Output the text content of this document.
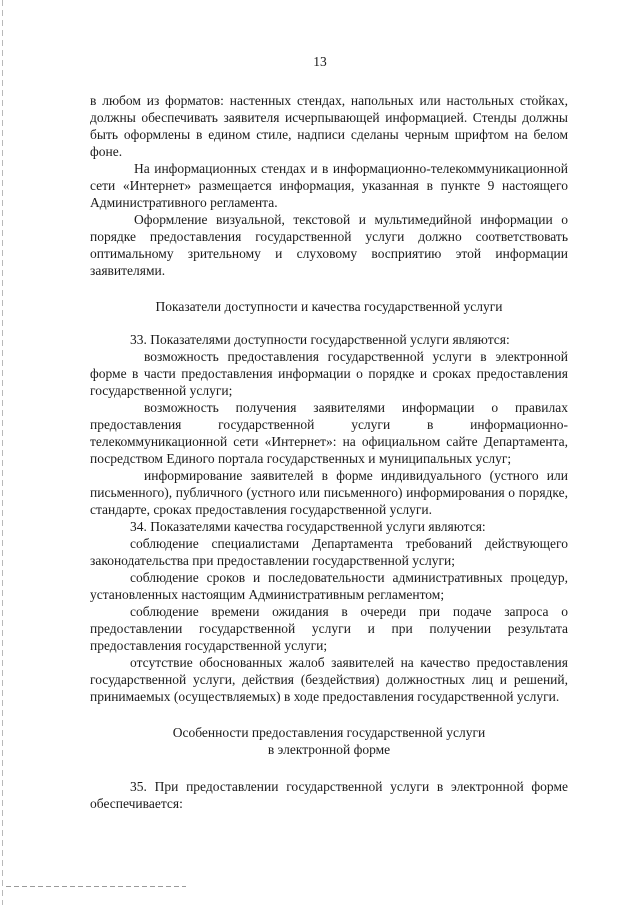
13

в любом из форматов: настенных стендах, напольных или настольных стойках, должны обеспечивать заявителя исчерпывающей информацией. Стенды должны быть оформлены в едином стиле, надписи сделаны черным шрифтом на белом фоне.

На информационных стендах и в информационно-телекоммуникационной сети «Интернет» размещается информация, указанная в пункте 9 настоящего Административного регламента.

Оформление визуальной, текстовой и мультимедийной информации о порядке предоставления государственной услуги должно соответствовать оптимальному зрительному и слуховому восприятию этой информации заявителями.

Показатели доступности и качества государственной услуги

33. Показателями доступности государственной услуги являются:

возможность предоставления государственной услуги в электронной форме в части предоставления информации о порядке и сроках предоставления государственной услуги;

возможность получения заявителями информации о правилах предоставления государственной услуги в информационно-телекоммуникационной сети «Интернет»: на официальном сайте Департамента, посредством Единого портала государственных и муниципальных услуг;

информирование заявителей в форме индивидуального (устного или письменного), публичного (устного или письменного) информирования о порядке, стандарте, сроках предоставления государственной услуги.

34. Показателями качества государственной услуги являются:

соблюдение специалистами Департамента требований действующего законодательства при предоставлении государственной услуги;

соблюдение сроков и последовательности административных процедур, установленных настоящим Административным регламентом;

соблюдение времени ожидания в очереди при подаче запроса о предоставлении государственной услуги и при получении результата предоставления государственной услуги;

отсутствие обоснованных жалоб заявителей на качество предоставления государственной услуги, действия (бездействия) должностных лиц и решений, принимаемых (осуществляемых) в ходе предоставления государственной услуги.

Особенности предоставления государственной услуги

в электронной форме

35. При предоставлении государственной услуги в электронной форме обеспечивается:
